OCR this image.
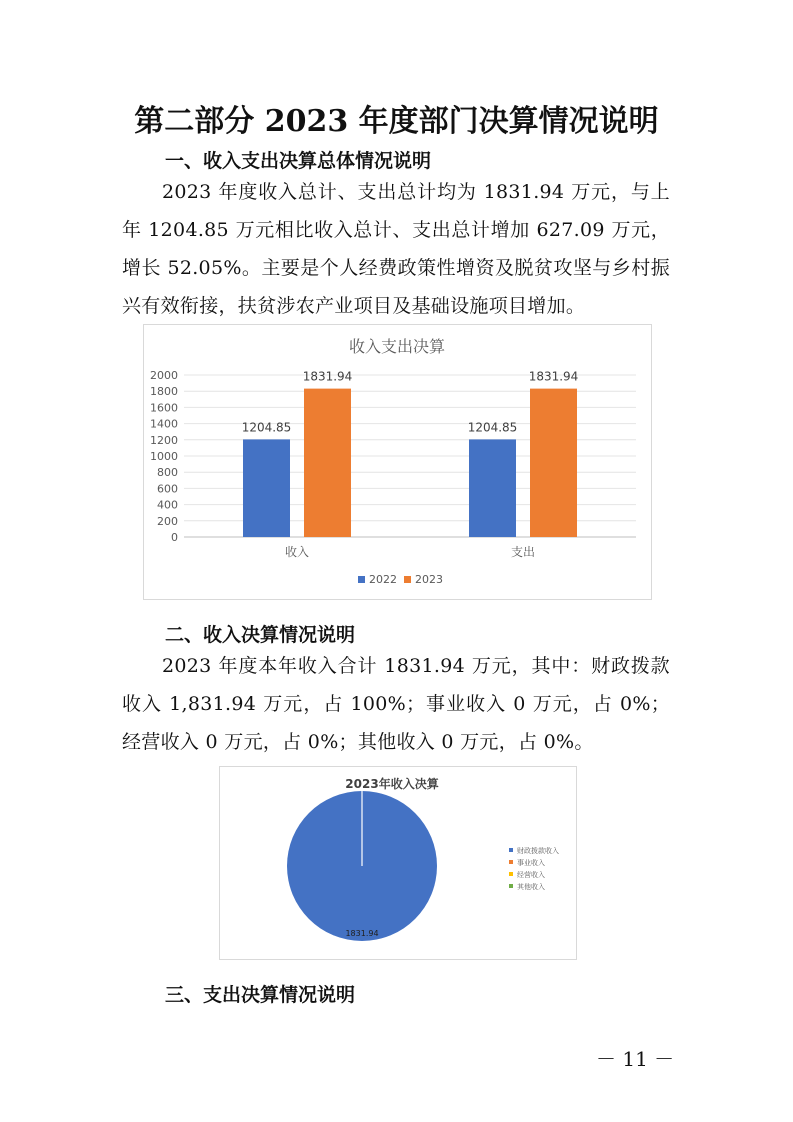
第二部分 2023 年度部门决算情况说明
一、收入支出决算总体情况说明
2023 年度收入总计、支出总计均为 1831.94 万元，与上年 1204.85 万元相比收入总计、支出总计增加 627.09 万元，增长 52.05%。主要是个人经费政策性增资及脱贫攻坚与乡村振兴有效衔接，扶贫涉农产业项目及基础设施项目增加。
收入支出决算
0
200
400
600
800
1000
1200
1400
1600
1800
2000
1204.85
1831.94
收入
1204.85
1831.94
支出
2022 2023
二、收入决算情况说明
2023 年度本年收入合计 1831.94 万元，其中：财政拨款收入 1,831.94 万元，占 100%；事业收入 0 万元，占 0%；经营收入 0 万元，占 0%；其他收入 0 万元，占 0%。
2023年收入决算
1831.94
财政拨款收入
事业收入
经营收入
其他收入
三、支出决算情况说明
－ 11 －
